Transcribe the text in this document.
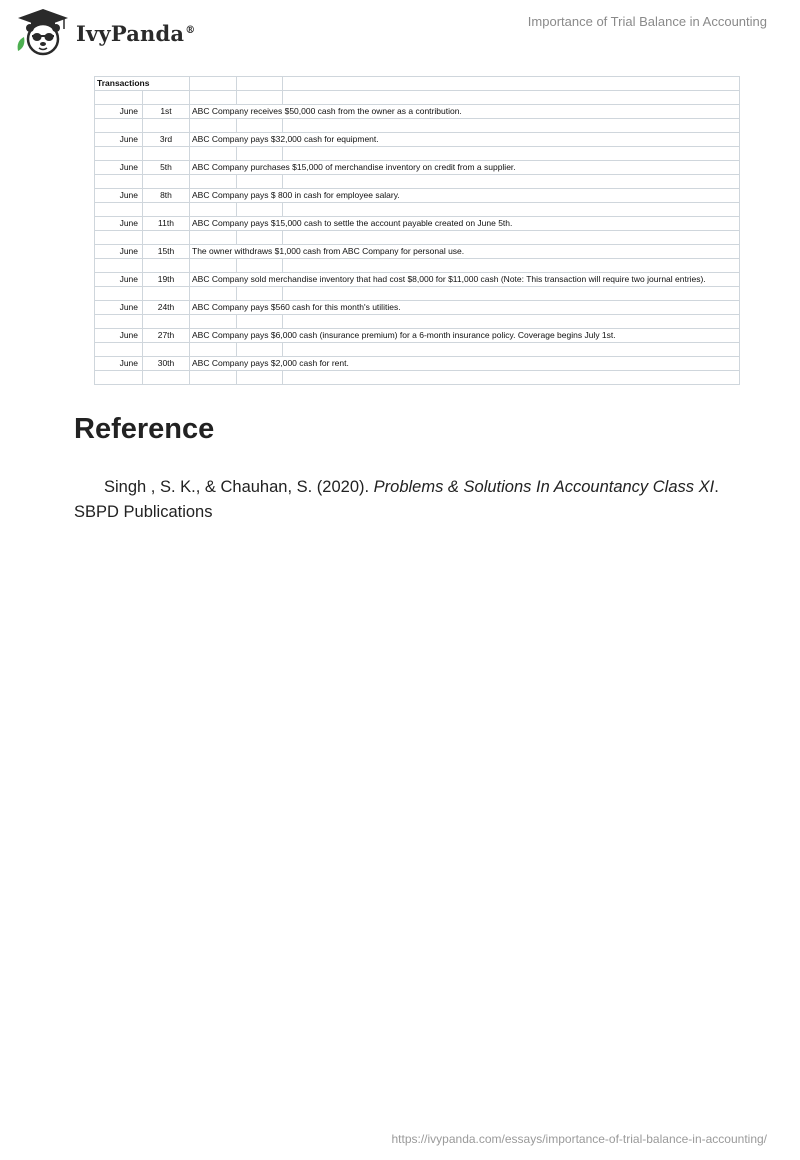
IvyPanda®
Importance of Trial Balance in Accounting
Transactions				

June	1st	ABC Company receives $50,000 cash from the owner as a contribution.		

June	3rd	ABC Company pays $32,000 cash for equipment.		

June	5th	ABC Company purchases $15,000 of merchandise inventory on credit from a supplier.		

June	8th	ABC Company pays $ 800 in cash for employee salary.		

June	11th	ABC Company pays $15,000 cash to settle the account payable created on June 5th.		

June	15th	The owner withdraws $1,000 cash from ABC Company for personal use.		

June	19th	ABC Company sold merchandise inventory that had cost $8,000 for $11,000 cash (Note: This transaction will require two journal entries).		

June	24th	ABC Company pays $560 cash for this month's utilities.		

June	27th	ABC Company pays $6,000 cash (insurance premium) for a 6-month insurance policy. Coverage begins July 1st.		

June	30th	ABC Company pays $2,000 cash for rent.		

Reference
Singh , S. K., & Chauhan, S. (2020). Problems & Solutions In Accountancy Class XI. SBPD Publications
https://ivypanda.com/essays/importance-of-trial-balance-in-accounting/
